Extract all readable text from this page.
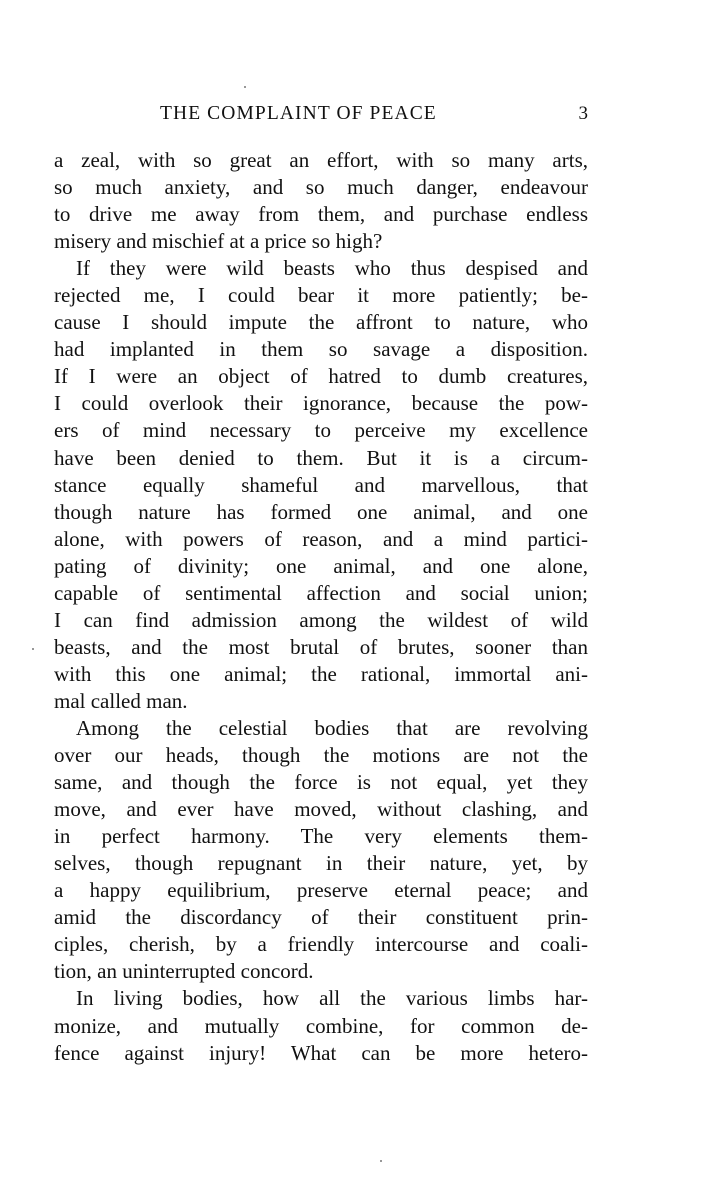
THE COMPLAINT OF PEACE	3
a zeal, with so great an effort, with so many arts,
so much anxiety, and so much danger, endeavour
to drive me away from them, and purchase endless
misery and mischief at a price so high?
If they were wild beasts who thus despised and
rejected me, I could bear it more patiently; be-
cause I should impute the affront to nature, who
had implanted in them so savage a disposition.
If I were an object of hatred to dumb creatures,
I could overlook their ignorance, because the pow-
ers of mind necessary to perceive my excellence
have been denied to them. But it is a circum-
stance equally shameful and marvellous, that
though nature has formed one animal, and one
alone, with powers of reason, and a mind partici-
pating of divinity; one animal, and one alone,
capable of sentimental affection and social union;
I can find admission among the wildest of wild
beasts, and the most brutal of brutes, sooner than
with this one animal; the rational, immortal ani-
mal called man.
Among the celestial bodies that are revolving
over our heads, though the motions are not the
same, and though the force is not equal, yet they
move, and ever have moved, without clashing, and
in perfect harmony. The very elements them-
selves, though repugnant in their nature, yet, by
a happy equilibrium, preserve eternal peace; and
amid the discordancy of their constituent prin-
ciples, cherish, by a friendly intercourse and coali-
tion, an uninterrupted concord.
In living bodies, how all the various limbs har-
monize, and mutually combine, for common de-
fence against injury! What can be more hetero-
